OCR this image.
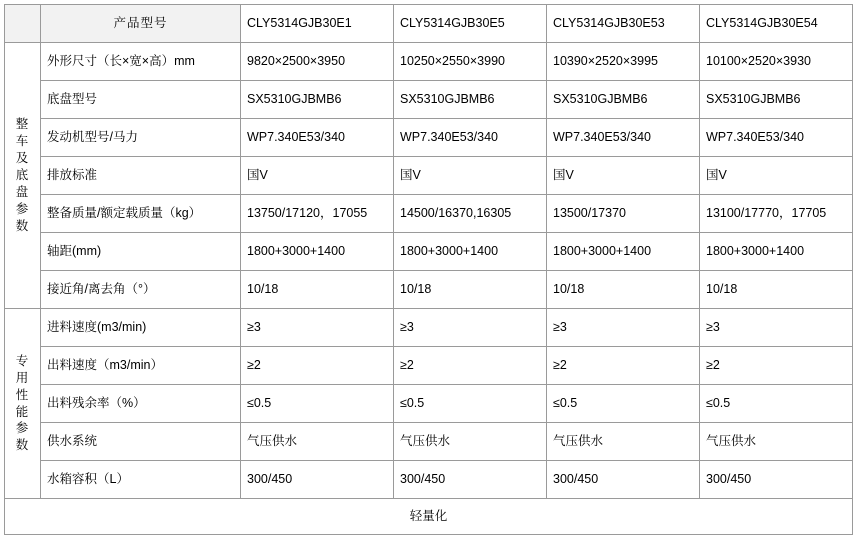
	产品型号	CLY5314GJB30E1	CLY5314GJB30E5	CLY5314GJB30E53	CLY5314GJB30E54

整车及底盘参数	外形尺寸（长×宽×高）mm	9820×2500×3950	10250×2550×3990	10390×2520×3995	10100×2520×3930
	底盘型号	SX5310GJBMB6	SX5310GJBMB6	SX5310GJBMB6	SX5310GJBMB6
	发动机型号/马力	WP7.340E53/340	WP7.340E53/340	WP7.340E53/340	WP7.340E53/340
	排放标准	国V	国V	国V	国V
	整备质量/额定载质量（kg）	13750/17120，17055	14500/16370,16305	13500/17370	13100/17770，17705
	轴距(mm)	1800+3000+1400	1800+3000+1400	1800+3000+1400	1800+3000+1400
	接近角/离去角（°）	10/18	10/18	10/18	10/18

专用性能参数	进料速度(m3/min)	≥3	≥3	≥3	≥3
	出料速度（m3/min）	≥2	≥2	≥2	≥2
	出料残余率（%）	≤0.5	≤0.5	≤0.5	≤0.5
	供水系统	气压供水	气压供水	气压供水	气压供水
	水箱容积（L）	300/450	300/450	300/450	300/450
轻量化					
